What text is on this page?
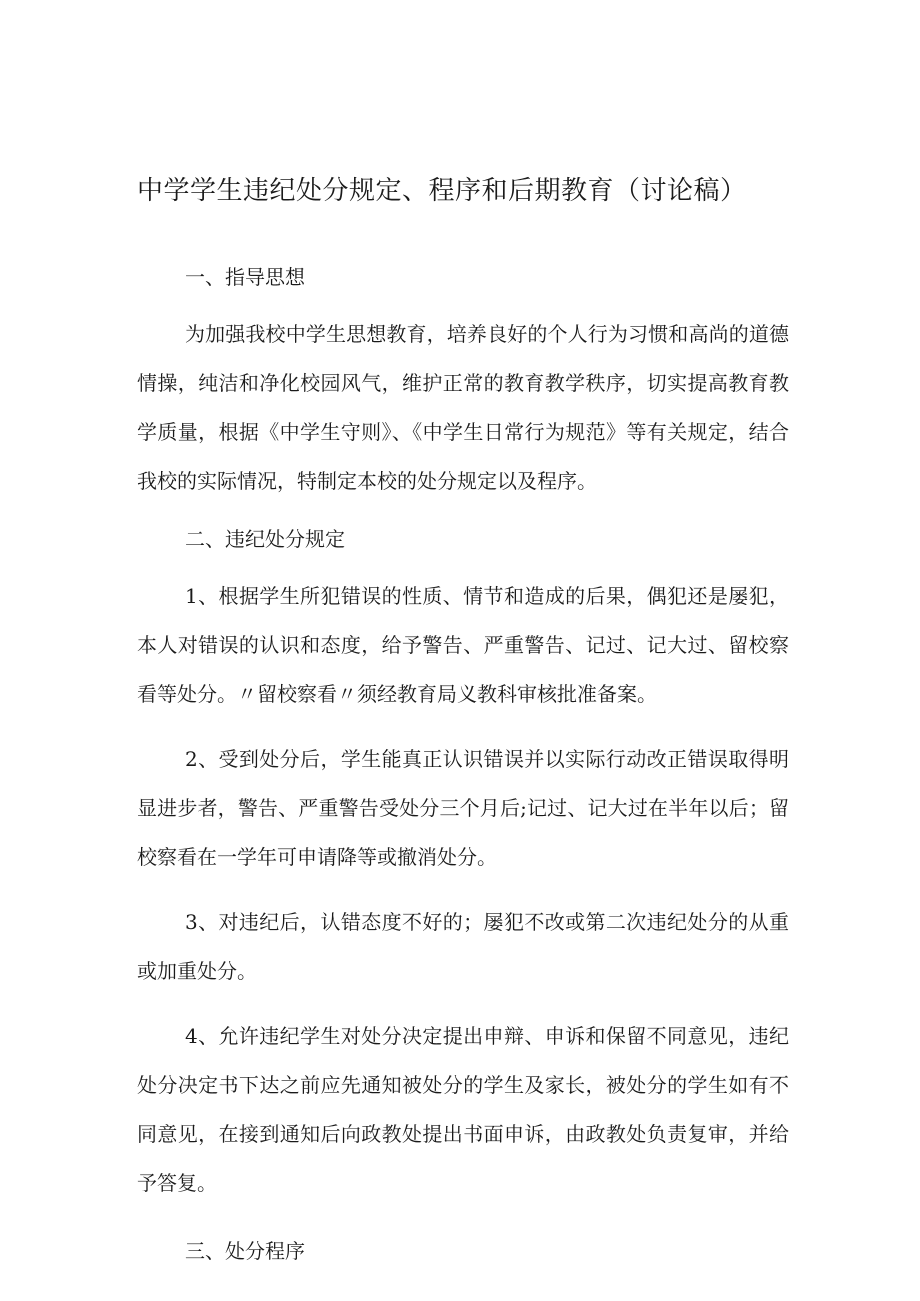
中学学生违纪处分规定、程序和后期教育（讨论稿）

一、指导思想

为加强我校中学生思想教育，培养良好的个人行为习惯和高尚的道德情操，纯洁和净化校园风气，维护正常的教育教学秩序，切实提高教育教学质量，根据《中学生守则》、《中学生日常行为规范》等有关规定，结合我校的实际情况，特制定本校的处分规定以及程序。

二、违纪处分规定

1、根据学生所犯错误的性质、情节和造成的后果，偶犯还是屡犯，本人对错误的认识和态度，给予警告、严重警告、记过、记大过、留校察看等处分。〃留校察看〃须经教育局义教科审核批准备案。

2、受到处分后，学生能真正认识错误并以实际行动改正错误取得明显进步者，警告、严重警告受处分三个月后;记过、记大过在半年以后；留校察看在一学年可申请降等或撤消处分。

3、对违纪后，认错态度不好的；屡犯不改或第二次违纪处分的从重或加重处分。

4、允许违纪学生对处分决定提出申辩、申诉和保留不同意见，违纪处分决定书下达之前应先通知被处分的学生及家长，被处分的学生如有不同意见，在接到通知后向政教处提出书面申诉，由政教处负责复审，并给予答复。

三、处分程序
